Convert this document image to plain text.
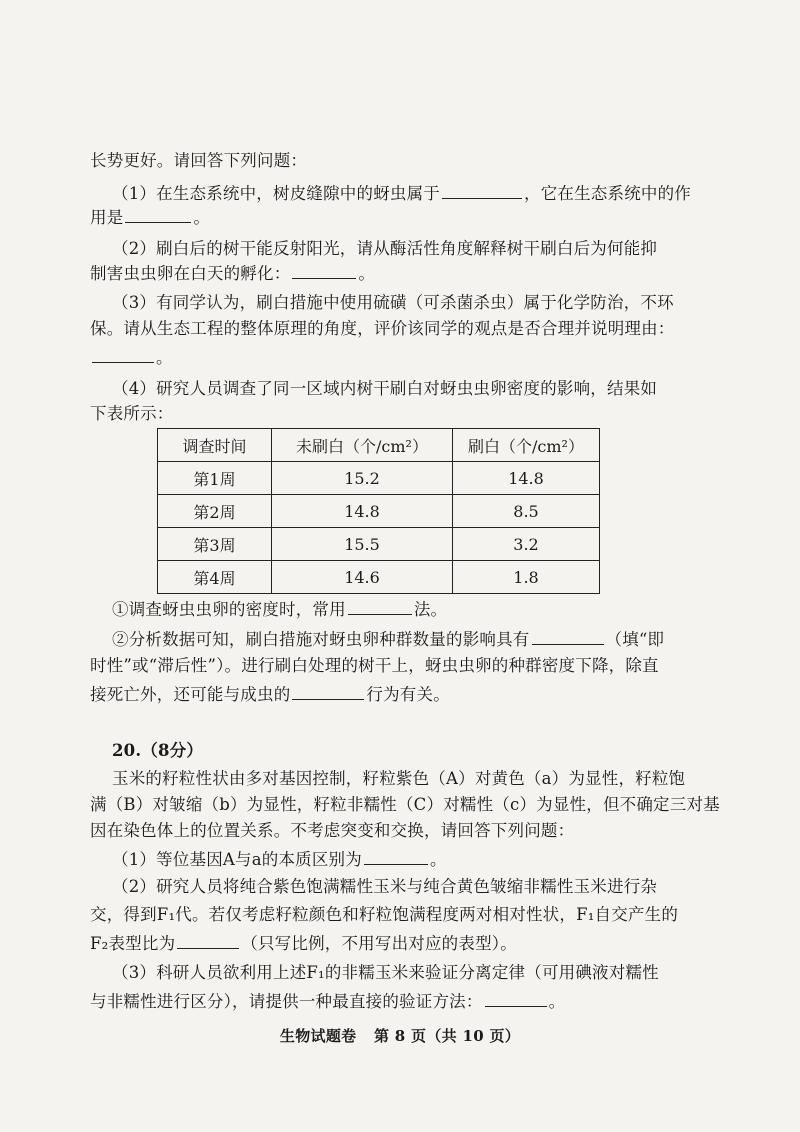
长势更好。请回答下列问题：
（1）在生态系统中，树皮缝隙中的蚜虫属于	，它在生态系统中的作
用是	。
（2）刷白后的树干能反射阳光，请从酶活性角度解释树干刷白后为何能抑
制害虫虫卵在白天的孵化：	。
（3）有同学认为，刷白措施中使用硫磺（可杀菌杀虫）属于化学防治，不环
保。请从生态工程的整体原理的角度，评价该同学的观点是否合理并说明理由：
。
（4）研究人员调查了同一区域内树干刷白对蚜虫虫卵密度的影响，结果如
下表所示：
调查时间	未刷白（个/cm²）	刷白（个/cm²）
第1周	15.2	14.8
第2周	14.8	8.5
第3周	15.5	3.2
第4周	14.6	1.8
①调查蚜虫虫卵的密度时，常用	法。
②分析数据可知，刷白措施对蚜虫卵种群数量的影响具有	（填“即
时性”或“滞后性”）。进行刷白处理的树干上，蚜虫虫卵的种群密度下降，除直
接死亡外，还可能与成虫的	行为有关。
20.（8分）
玉米的籽粒性状由多对基因控制，籽粒紫色（A）对黄色（a）为显性，籽粒饱
满（B）对皱缩（b）为显性，籽粒非糯性（C）对糯性（c）为显性，但不确定三对基
因在染色体上的位置关系。不考虑突变和交换，请回答下列问题：
（1）等位基因A与a的本质区别为	。
（2）研究人员将纯合紫色饱满糯性玉米与纯合黄色皱缩非糯性玉米进行杂
交，得到F₁代。若仅考虑籽粒颜色和籽粒饱满程度两对相对性状，F₁自交产生的
F₂表型比为	（只写比例，不用写出对应的表型）。
（3）科研人员欲利用上述F₁的非糯玉米来验证分离定律（可用碘液对糯性
与非糯性进行区分），请提供一种最直接的验证方法：	。
生物试题卷 第 8 页（共 10 页）
